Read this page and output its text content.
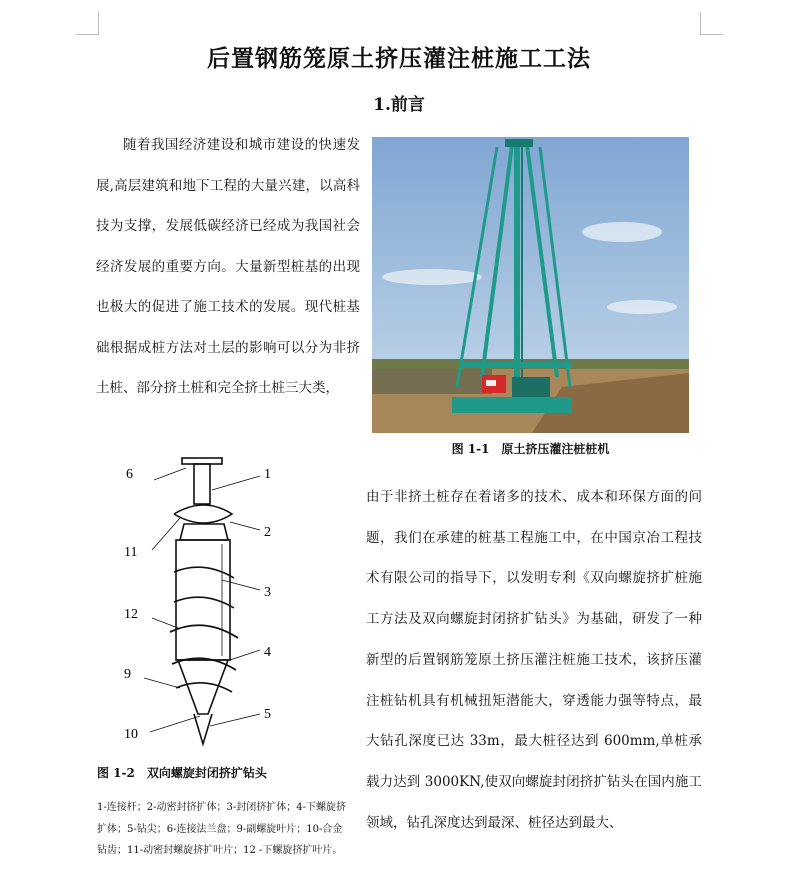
后置钢筋笼原土挤压灌注桩施工工法
1.前言

随着我国经济建设和城市建设的快速发展,高层建筑和地下工程的大量兴建，以高科技为支撑，发展低碳经济已经成为我国社会经济发展的重要方向。大量新型桩基的出现也极大的促进了施工技术的发展。现代桩基础根据成桩方法对土层的影响可以分为非挤土桩、部分挤土桩和完全挤土桩三大类，

图 1-1　原土挤压灌注桩桩机
6	1
2
11
3
12
4
9
10
5
图 1-2　双向螺旋封闭挤扩钻头

1-连接杆；2-动密封挤扩体；3-封闭挤扩体；4-下螺旋挤扩体；5-钻尖；6-连接法兰盘；9-副螺旋叶片；10-合金钻齿；11-动密封螺旋挤扩叶片；12 -下螺旋挤扩叶片。

由于非挤土桩存在着诸多的技术、成本和环保方面的问题，我们在承建的桩基工程施工中，在中国京冶工程技术有限公司的指导下，以发明专利《双向螺旋挤扩桩施工方法及双向螺旋封闭挤扩钻头》为基础，研发了一种新型的后置钢筋笼原土挤压灌注桩施工技术，该挤压灌注桩钻机具有机械扭矩潜能大，穿透能力强等特点，最大钻孔深度已达 33m，最大桩径达到 600mm,单桩承载力达到 3000KN,使双向螺旋封闭挤扩钻头在国内施工领域，钻孔深度达到最深、桩径达到最大、
